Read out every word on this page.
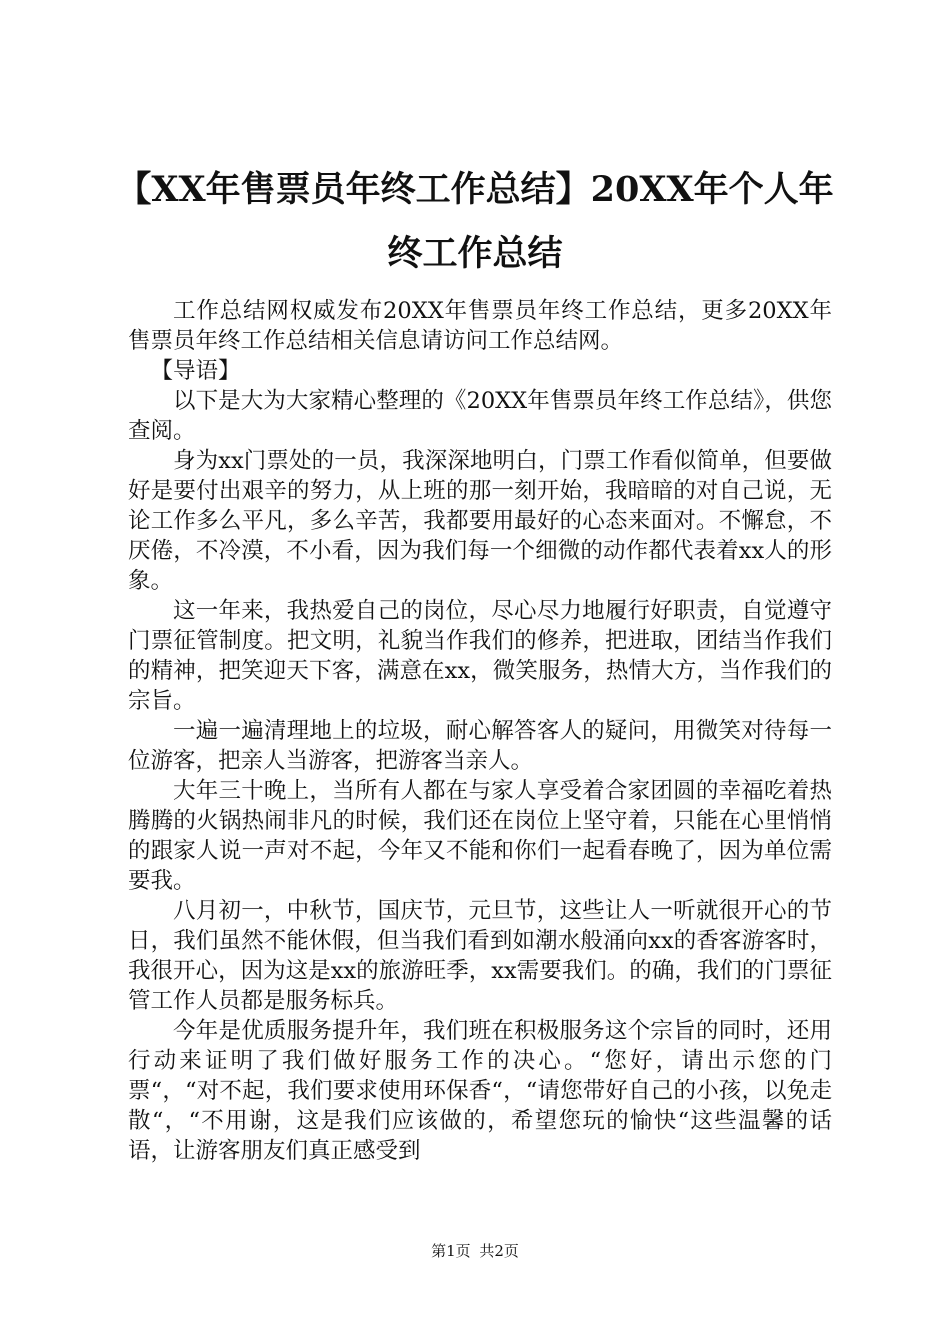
【XX年售票员年终工作总结】20XX年个人年
终工作总结

工作总结网权威发布20XX年售票员年终工作总结，更多20XX年售票员年终工作总结相关信息请访问工作总结网。

【导语】

以下是大为大家精心整理的《20XX年售票员年终工作总结》，供您查阅。

身为xx门票处的一员，我深深地明白，门票工作看似简单，但要做好是要付出艰辛的努力，从上班的那一刻开始，我暗暗的对自己说，无论工作多么平凡，多么辛苦，我都要用最好的心态来面对。不懈怠，不厌倦，不冷漠，不小看，因为我们每一个细微的动作都代表着xx人的形象。

这一年来，我热爱自己的岗位，尽心尽力地履行好职责，自觉遵守门票征管制度。把文明，礼貌当作我们的修养，把进取，团结当作我们的精神，把笑迎天下客，满意在xx，微笑服务，热情大方，当作我们的宗旨。

一遍一遍清理地上的垃圾，耐心解答客人的疑问，用微笑对待每一位游客，把亲人当游客，把游客当亲人。

大年三十晚上，当所有人都在与家人享受着合家团圆的幸福吃着热腾腾的火锅热闹非凡的时候，我们还在岗位上坚守着，只能在心里悄悄的跟家人说一声对不起，今年又不能和你们一起看春晚了，因为单位需要我。

八月初一，中秋节，国庆节，元旦节，这些让人一听就很开心的节日，我们虽然不能休假，但当我们看到如潮水般涌向xx的香客游客时，我很开心，因为这是xx的旅游旺季，xx需要我们。的确，我们的门票征管工作人员都是服务标兵。

今年是优质服务提升年，我们班在积极服务这个宗旨的同时，还用行动来证明了我们做好服务工作的决心。“您好，请出示您的门票“，“对不起，我们要求使用环保香“，“请您带好自己的小孩，以免走散“，“不用谢，这是我们应该做的，希望您玩的愉快“这些温馨的话语，让游客朋友们真正感受到

第1页 共2页
